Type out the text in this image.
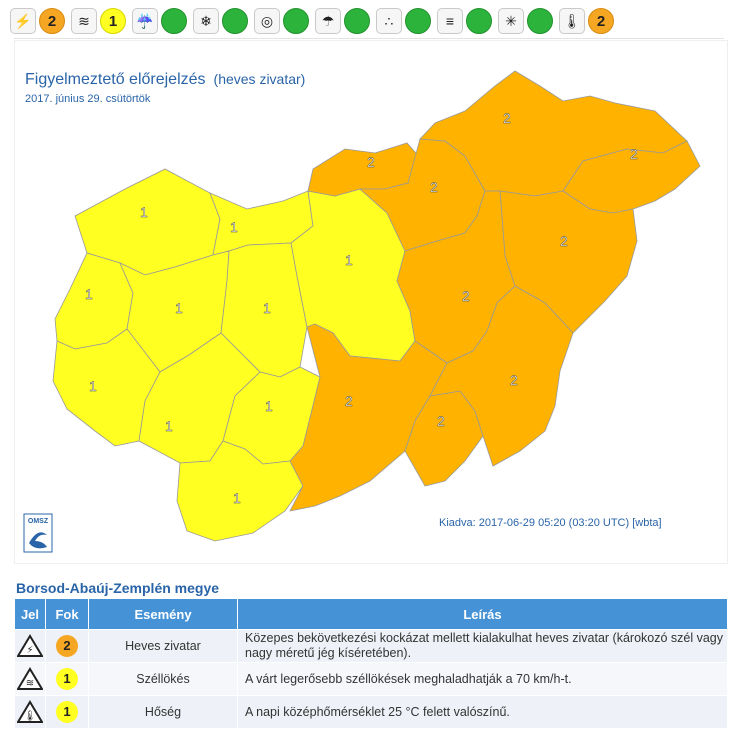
⚡	2	≋	1	☔	❄	◎	☂	∴	≡	✳	🌡	2
1
1
1
1	1
1
1
1
1
1
2
2
2
2
2
2
2
2
2
Figyelmeztető előrejelzés (heves zivatar)
2017. június 29. csütörtök
Kiadva: 2017-06-29 05:20 (03:20 UTC) [wbta]
OMSZ
Borsod-Abaúj-Zemplén megye
Jel	Fok	Esemény	Leírás

⚡	2	Heves zivatar	Közepes bekövetkezési kockázat mellett kialakulhat heves zivatar (károkozó szél vagy nagy méretű jég kíséretében).

≋	1	Széllökés	A várt legerősebb széllökések meghaladhatják a 70 km/h-t.

🌡	1	Hőség	A napi középhőmérséklet 25 °C felett valószínű.
